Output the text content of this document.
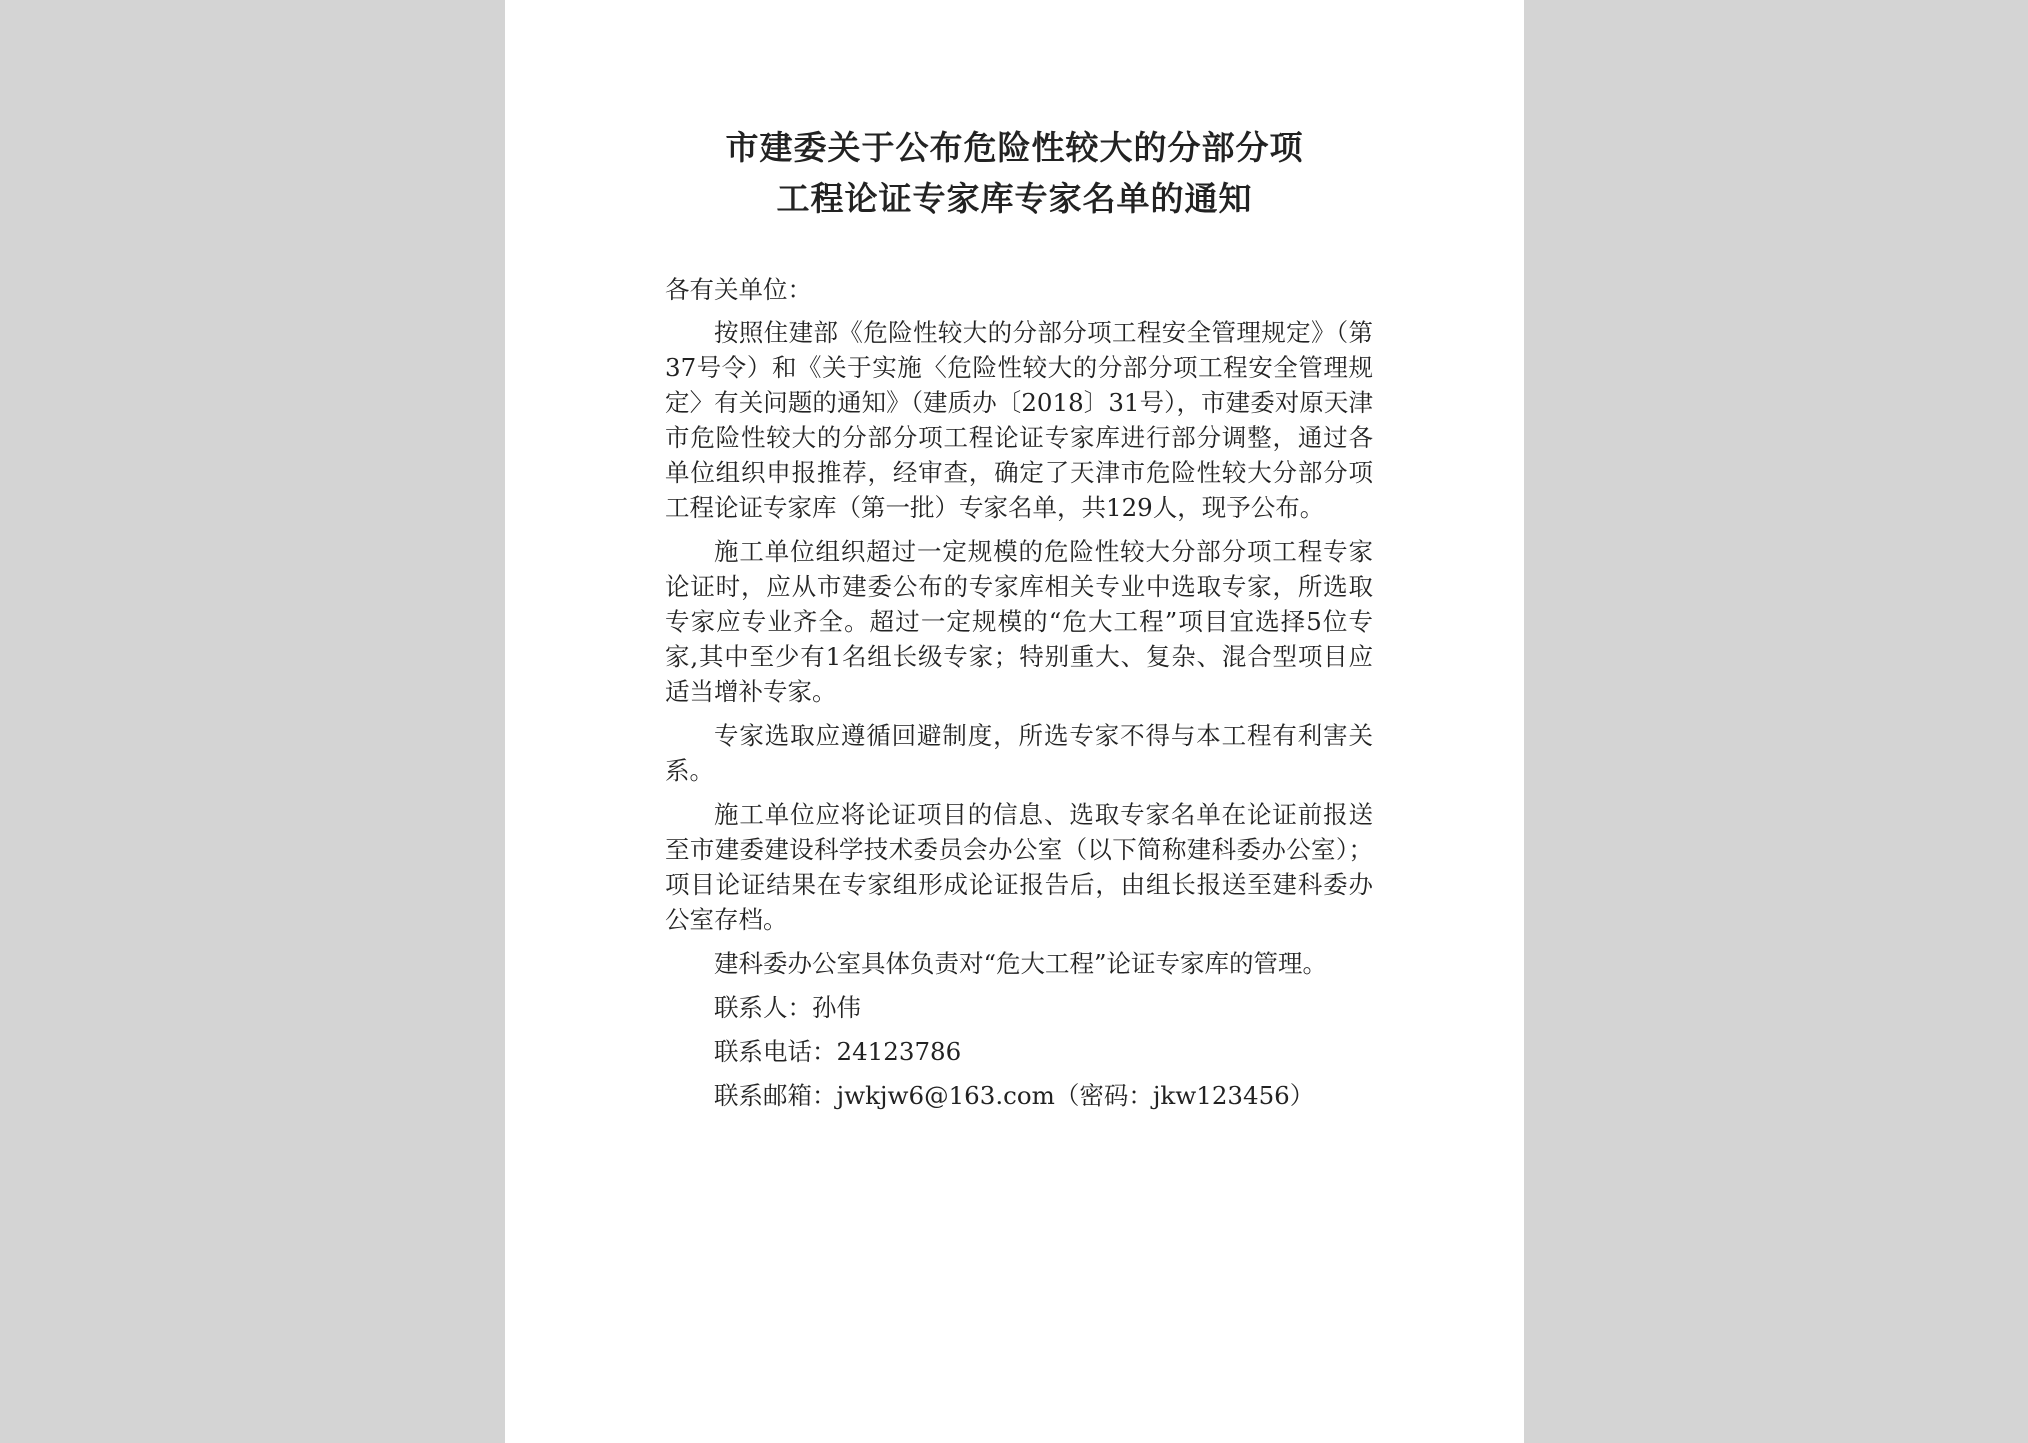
市建委关于公布危险性较大的分部分项
工程论证专家库专家名单的通知
各有关单位：
按照住建部《危险性较大的分部分项工程安全管理规定》（第37号令）和《关于实施〈危险性较大的分部分项工程安全管理规定〉有关问题的通知》（建质办〔2018〕31号），市建委对原天津市危险性较大的分部分项工程论证专家库进行部分调整，通过各单位组织申报推荐，经审查，确定了天津市危险性较大分部分项工程论证专家库（第一批）专家名单，共129人，现予公布。
施工单位组织超过一定规模的危险性较大分部分项工程专家论证时，应从市建委公布的专家库相关专业中选取专家，所选取专家应专业齐全。超过一定规模的“危大工程”项目宜选择5位专家,其中至少有1名组长级专家；特别重大、复杂、混合型项目应适当增补专家。
专家选取应遵循回避制度，所选专家不得与本工程有利害关系。
施工单位应将论证项目的信息、选取专家名单在论证前报送至市建委建设科学技术委员会办公室（以下简称建科委办公室）；项目论证结果在专家组形成论证报告后，由组长报送至建科委办公室存档。
建科委办公室具体负责对“危大工程”论证专家库的管理。
联系人：孙伟
联系电话：24123786
联系邮箱：jwkjw6@163.com（密码：jkw123456）
